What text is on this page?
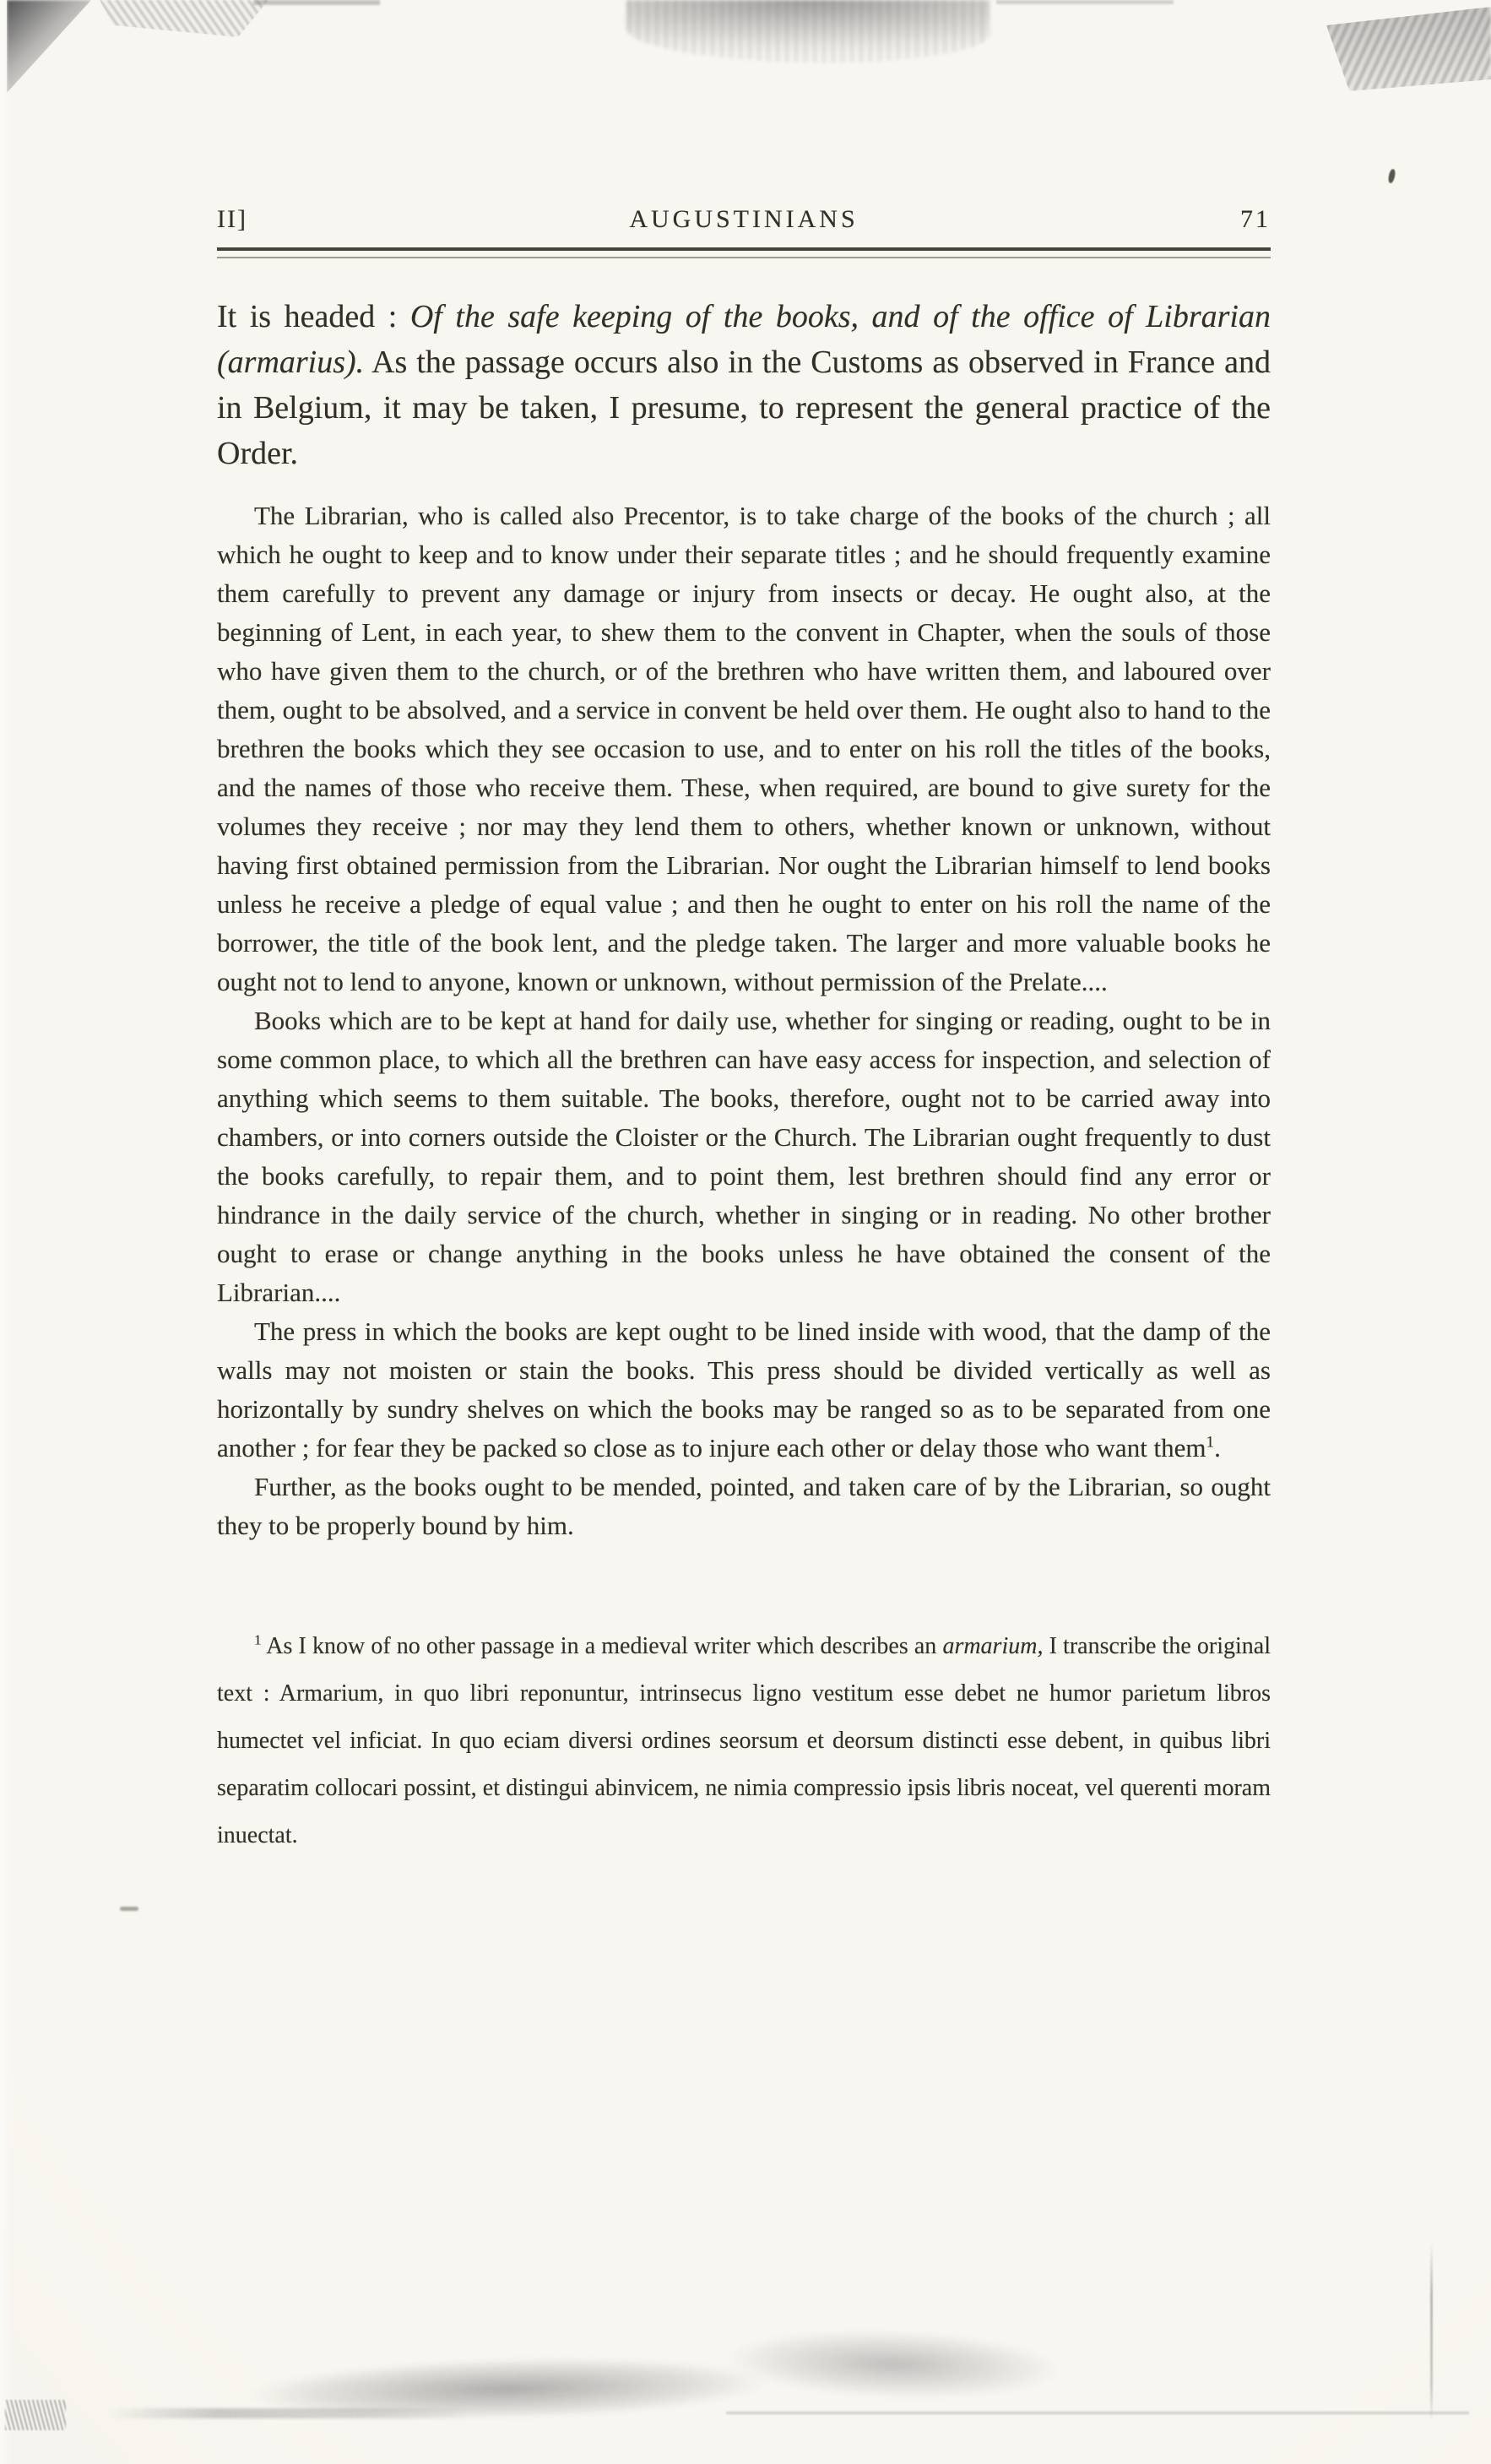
II]	AUGUSTINIANS	71

It is headed : Of the safe keeping of the books, and of the office of Librarian (armarius). As the passage occurs also in the Customs as observed in France and in Belgium, it may be taken, I presume, to represent the general practice of the Order.

The Librarian, who is called also Precentor, is to take charge of the books of the church ; all which he ought to keep and to know under their separate titles ; and he should frequently examine them carefully to prevent any damage or injury from insects or decay. He ought also, at the beginning of Lent, in each year, to shew them to the convent in Chapter, when the souls of those who have given them to the church, or of the brethren who have written them, and laboured over them, ought to be absolved, and a service in convent be held over them. He ought also to hand to the brethren the books which they see occasion to use, and to enter on his roll the titles of the books, and the names of those who receive them. These, when required, are bound to give surety for the volumes they receive ; nor may they lend them to others, whether known or unknown, without having first obtained permission from the Librarian. Nor ought the Librarian himself to lend books unless he receive a pledge of equal value ; and then he ought to enter on his roll the name of the borrower, the title of the book lent, and the pledge taken. The larger and more valuable books he ought not to lend to anyone, known or unknown, without permission of the Prelate....

Books which are to be kept at hand for daily use, whether for singing or reading, ought to be in some common place, to which all the brethren can have easy access for inspection, and selection of anything which seems to them suitable. The books, therefore, ought not to be carried away into chambers, or into corners outside the Cloister or the Church. The Librarian ought frequently to dust the books carefully, to repair them, and to point them, lest brethren should find any error or hindrance in the daily service of the church, whether in singing or in reading. No other brother ought to erase or change anything in the books unless he have obtained the consent of the Librarian....

The press in which the books are kept ought to be lined inside with wood, that the damp of the walls may not moisten or stain the books. This press should be divided vertically as well as horizontally by sundry shelves on which the books may be ranged so as to be separated from one another ; for fear they be packed so close as to injure each other or delay those who want them$^1$.

Further, as the books ought to be mended, pointed, and taken care of by the Librarian, so ought they to be properly bound by him.

$^1$ As I know of no other passage in a medieval writer which describes an armarium, I transcribe the original text : Armarium, in quo libri reponuntur, intrinsecus ligno vestitum esse debet ne humor parietum libros humectet vel inficiat. In quo eciam diversi ordines seorsum et deorsum distincti esse debent, in quibus libri separatim collocari possint, et distingui abinvicem, ne nimia compressio ipsis libris noceat, vel querenti moram inuectat.
